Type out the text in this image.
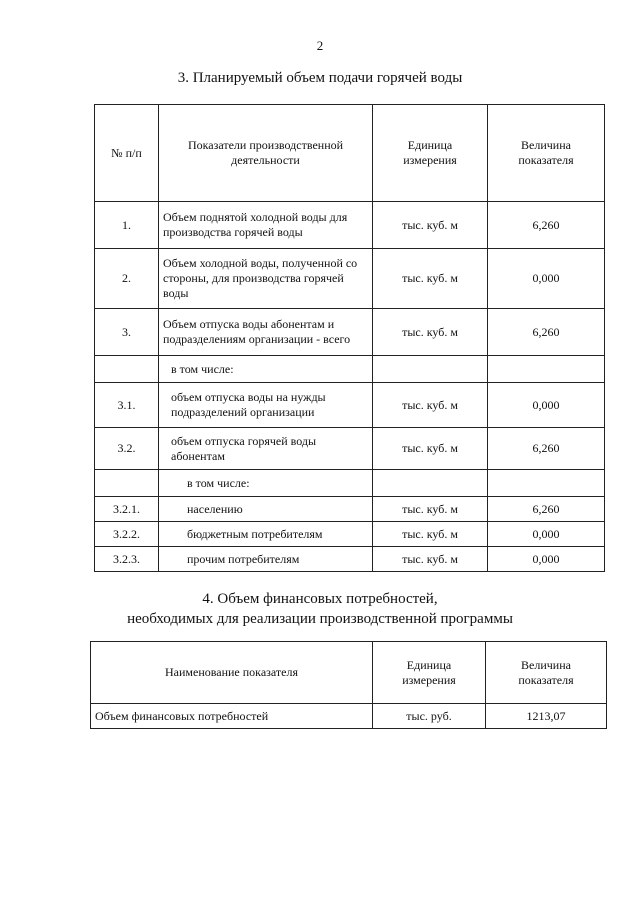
2
3. Планируемый объем подачи горячей воды
№ п/п	Показатели производственной деятельности	Единица измерения	Величина показателя
1.	Объем поднятой холодной воды для производства горячей воды	тыс. куб. м	6,260
2.	Объем холодной воды, полученной со стороны, для производства горячей воды	тыс. куб. м	0,000
3.	Объем отпуска воды абонентам и подразделениям организации - всего	тыс. куб. м	6,260
	в том числе:		
3.1.	объем отпуска воды на нужды подразделений организации	тыс. куб. м	0,000
3.2.	объем отпуска горячей воды абонентам	тыс. куб. м	6,260
	в том числе:		
3.2.1.	населению	тыс. куб. м	6,260
3.2.2.	бюджетным потребителям	тыс. куб. м	0,000
3.2.3.	прочим потребителям	тыс. куб. м	0,000
4. Объем финансовых потребностей,
необходимых для реализации производственной программы
Наименование показателя	Единица измерения	Величина показателя
Объем финансовых потребностей	тыс. руб.	1213,07
